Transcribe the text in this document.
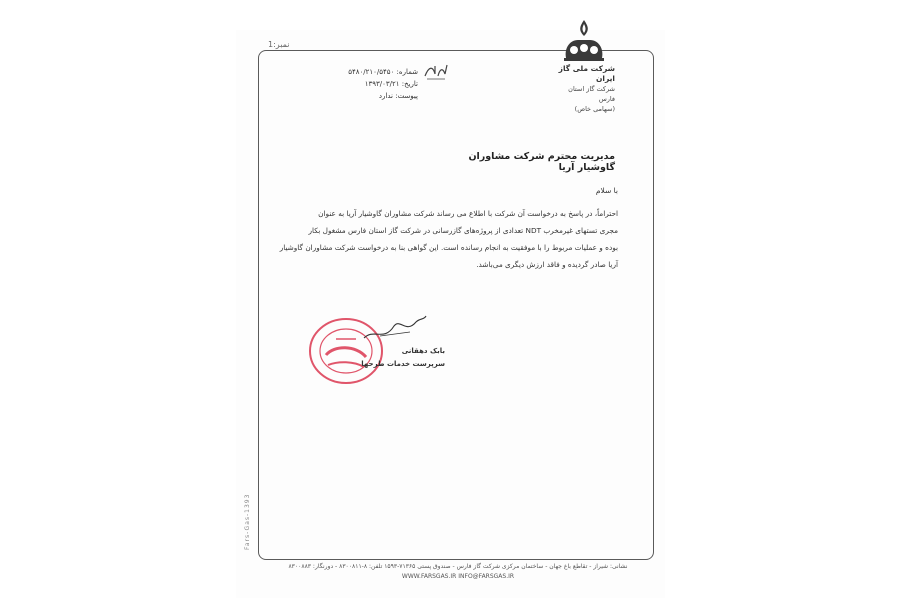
نمبر:1
شرکت ملی گاز ایران
شرکت گاز استان
فارس
(سهامی خاص)
شماره: ۵۴۸۰/۲۱۰/۵۴۵۰
تاریخ: ۱۳۹۳/۰۳/۲۱
پیوست: ندارد
مدیریت محترم شرکت مشاوران گاوشیار آریا
با سلام
احتراماً، در پاسخ به درخواست آن شرکت با اطلاع می رساند شرکت مشاوران گاوشیار آریا به عنوان
مجری تستهای غیرمخرب NDT تعدادی از پروژه‌های گازرسانی در شرکت گاز استان فارس مشغول بکار
بوده و عملیات مربوط را با موفقیت به انجام رسانده است. این گواهی بنا به درخواست شرکت مشاوران گاوشیار
آریا صادر گردیده و فاقد ارزش دیگری می‌باشد.
بابک دهقانی
سرپرست خدمات طرحها
Fars-Gas-1393
نشانی: شیراز - تقاطع باغ جهان - ساختمان مرکزی شرکت گاز فارس - صندوق پستی ۷۱۳۶۵-۱۵۹۳ تلفن: ۸-۸۳۰۰۸۱۱ - دورنگار: ۸۳۰۰۸۸۳
WWW.FARSGAS.IR INFO@FARSGAS.IR
